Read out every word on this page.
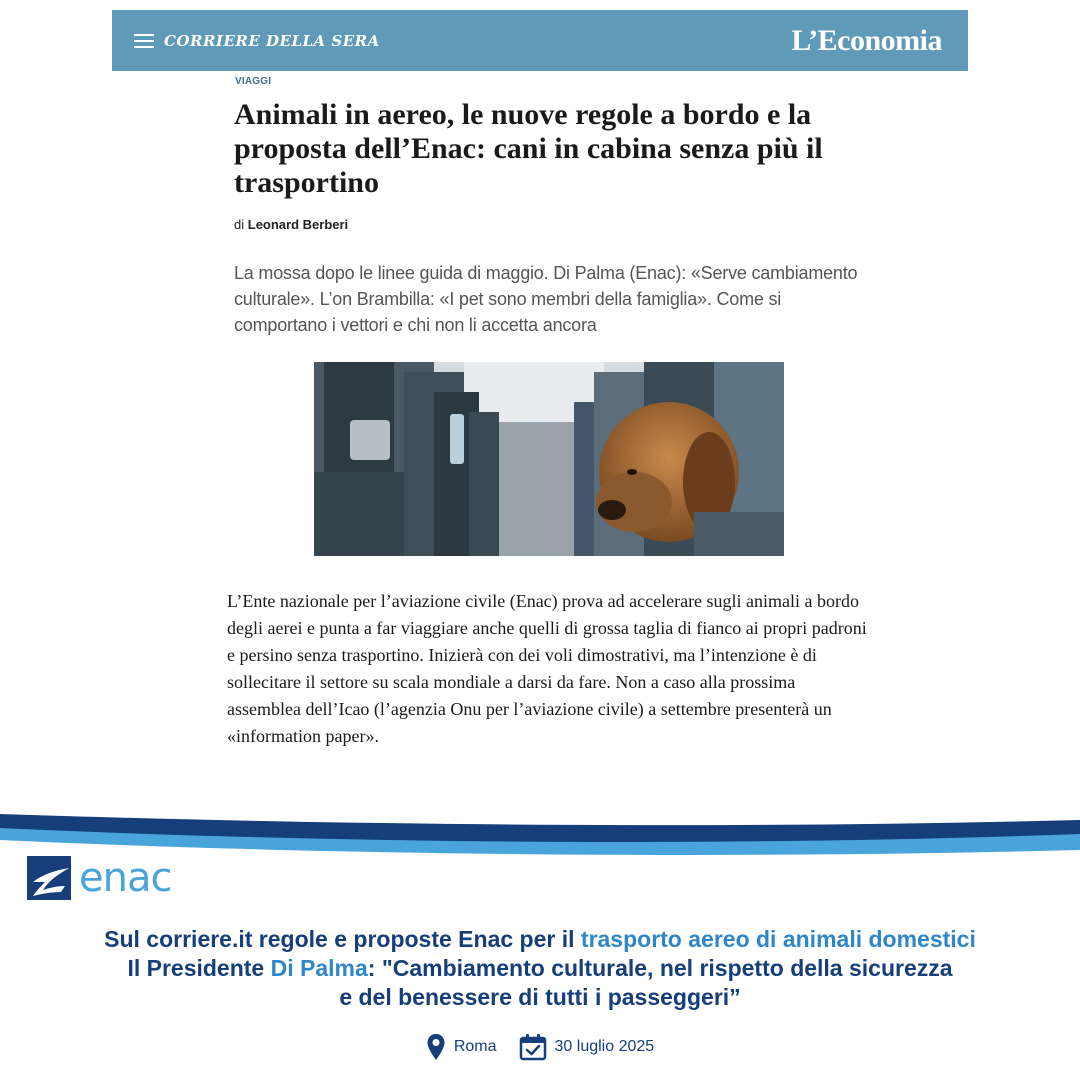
CORRIERE DELLA SERA	L’Economia
VIAGGI
Animali in aereo, le nuove regole a bordo e la proposta dell’Enac: cani in cabina senza più il trasportino
di Leonard Berberi

La mossa dopo le linee guida di maggio. Di Palma (Enac): «Serve cambiamento culturale». L’on Brambilla: «I pet sono membri della famiglia». Come si comportano i vettori e chi non li accetta ancora

L’Ente nazionale per l’aviazione civile (Enac) prova ad accelerare sugli animali a bordo degli aerei e punta a far viaggiare anche quelli di grossa taglia di fianco ai propri padroni e persino senza trasportino. Inizierà con dei voli dimostrativi, ma l’intenzione è di sollecitare il settore su scala mondiale a darsi da fare. Non a caso alla prossima assemblea dell’Icao (l’agenzia Onu per l’aviazione civile) a settembre presenterà un «information paper».

enac
Sul corriere.it regole e proposte Enac per il trasporto aereo di animali domestici
Il Presidente Di Palma: "Cambiamento culturale, nel rispetto della sicurezza
e del benessere di tutti i passeggeri”
Roma	30 luglio 2025
